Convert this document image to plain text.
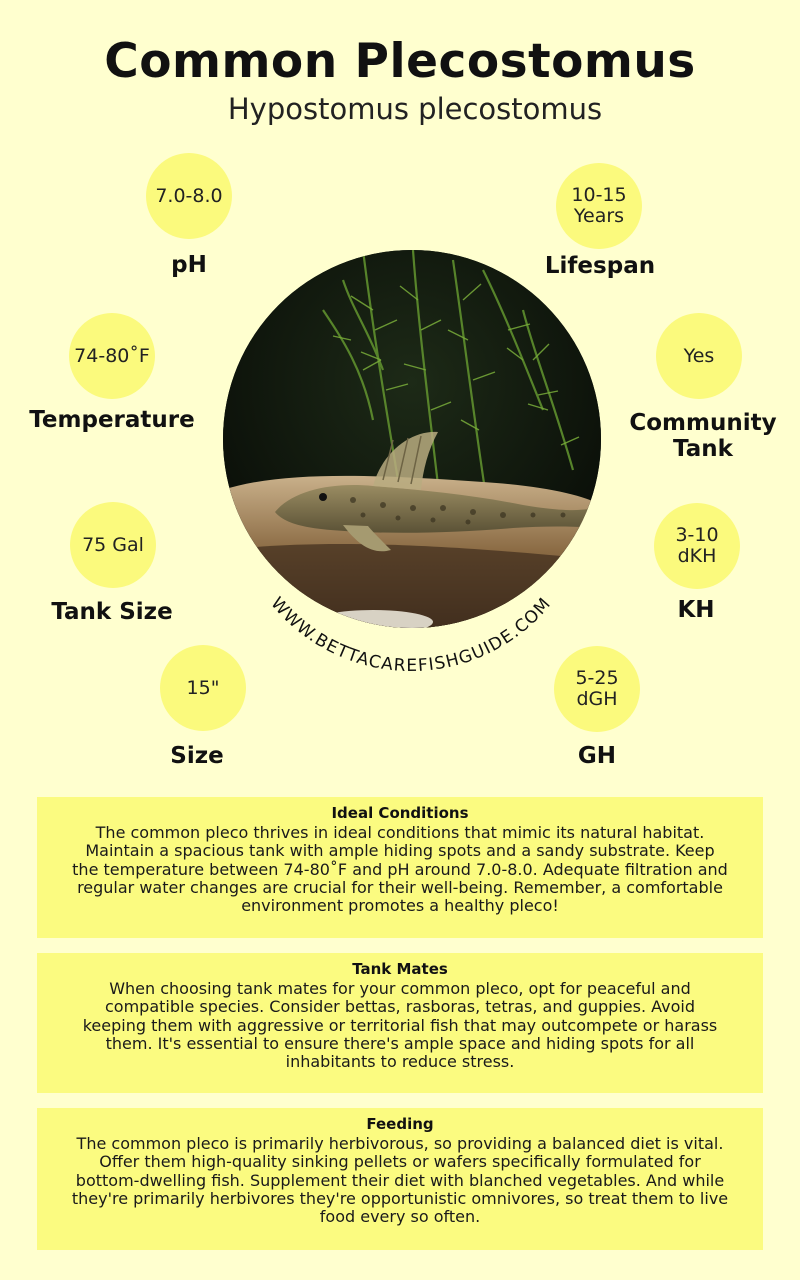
Common Plecostomus
Hypostomus plecostomus
7.0-8.0
pH
74-80˚F
Temperature
75 Gal
Tank Size
15"
Size
10-15
Years
Lifespan
Yes
Community
Tank
3-10
dKH
KH
5-25
dGH
GH
WWW.BETTACAREFISHGUIDE.COM
Ideal Conditions

The common pleco thrives in ideal conditions that mimic its natural habitat. Maintain a spacious tank with ample hiding spots and a sandy substrate. Keep the temperature between 74-80˚F and pH around 7.0-8.0. Adequate filtration and regular water changes are crucial for their well-being. Remember, a comfortable environment promotes a healthy pleco!

Tank Mates

When choosing tank mates for your common pleco, opt for peaceful and compatible species. Consider bettas, rasboras, tetras, and guppies. Avoid keeping them with aggressive or territorial fish that may outcompete or harass them. It's essential to ensure there's ample space and hiding spots for all inhabitants to reduce stress.

Feeding

The common pleco is primarily herbivorous, so providing a balanced diet is vital. Offer them high-quality sinking pellets or wafers specifically formulated for bottom-dwelling fish. Supplement their diet with blanched vegetables. And while they're primarily herbivores they're opportunistic omnivores, so treat them to live food every so often.
